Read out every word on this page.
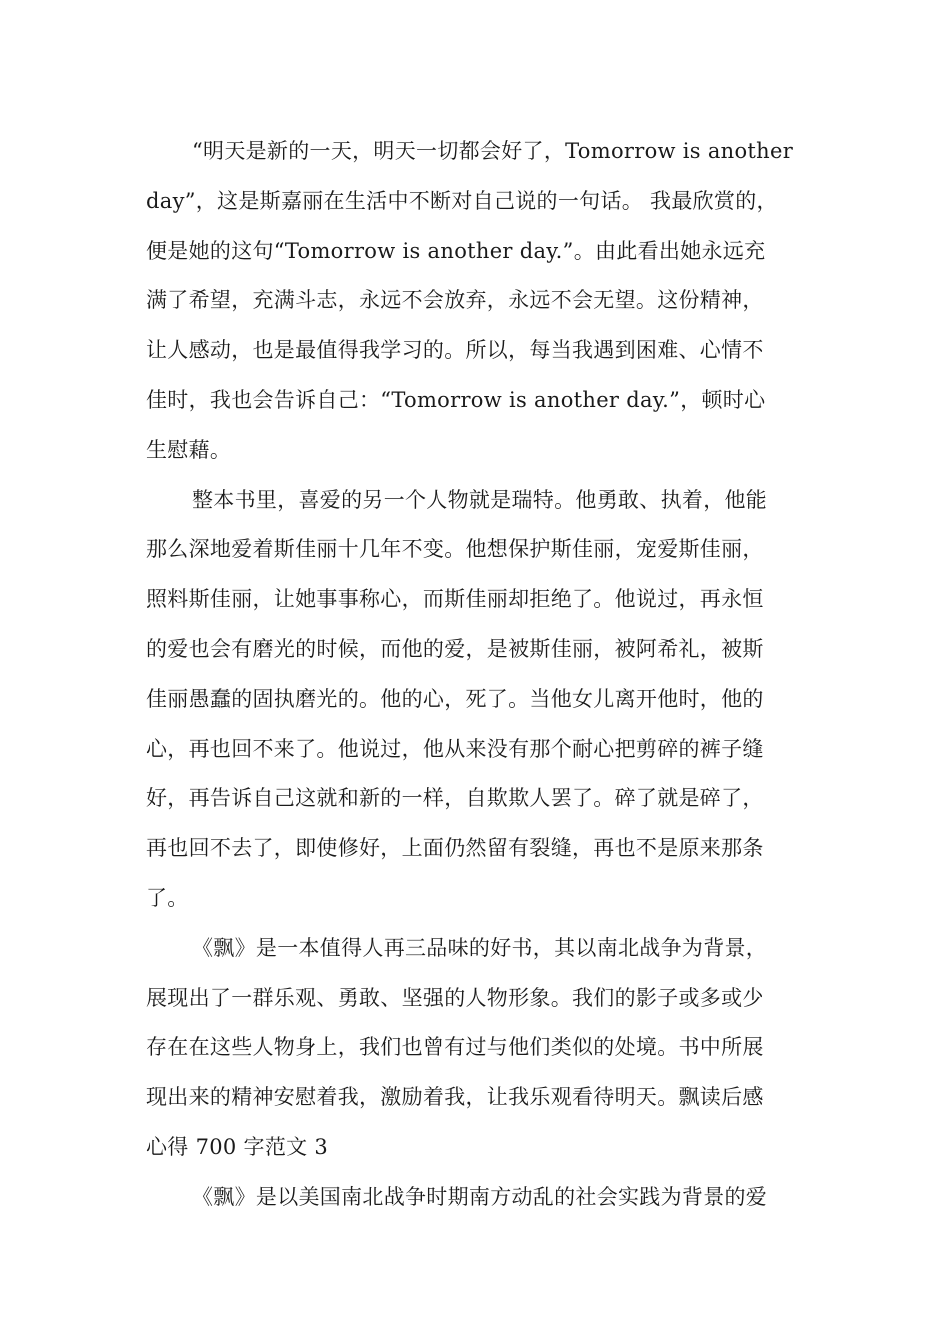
“明天是新的一天，明天一切都会好了，Tomorrow is another
day”，这是斯嘉丽在生活中不断对自己说的一句话。 我最欣赏的，
便是她的这句“Tomorrow is another day.”。由此看出她永远充
满了希望，充满斗志，永远不会放弃，永远不会无望。这份精神，
让人感动，也是最值得我学习的。所以，每当我遇到困难、心情不
佳时，我也会告诉自己：“Tomorrow is another day.”，顿时心
生慰藉。
整本书里，喜爱的另一个人物就是瑞特。他勇敢、执着，他能
那么深地爱着斯佳丽十几年不变。他想保护斯佳丽，宠爱斯佳丽，
照料斯佳丽，让她事事称心，而斯佳丽却拒绝了。他说过，再永恒
的爱也会有磨光的时候，而他的爱，是被斯佳丽，被阿希礼，被斯
佳丽愚蠢的固执磨光的。他的心，死了。当他女儿离开他时，他的
心，再也回不来了。他说过，他从来没有那个耐心把剪碎的裤子缝
好，再告诉自己这就和新的一样，自欺欺人罢了。碎了就是碎了，
再也回不去了，即使修好，上面仍然留有裂缝，再也不是原来那条
了。
《飘》是一本值得人再三品味的好书，其以南北战争为背景，
展现出了一群乐观、勇敢、坚强的人物形象。我们的影子或多或少
存在在这些人物身上，我们也曾有过与他们类似的处境。书中所展
现出来的精神安慰着我，激励着我，让我乐观看待明天。飘读后感
心得 700 字范文 3
《飘》是以美国南北战争时期南方动乱的社会实践为背景的爱
